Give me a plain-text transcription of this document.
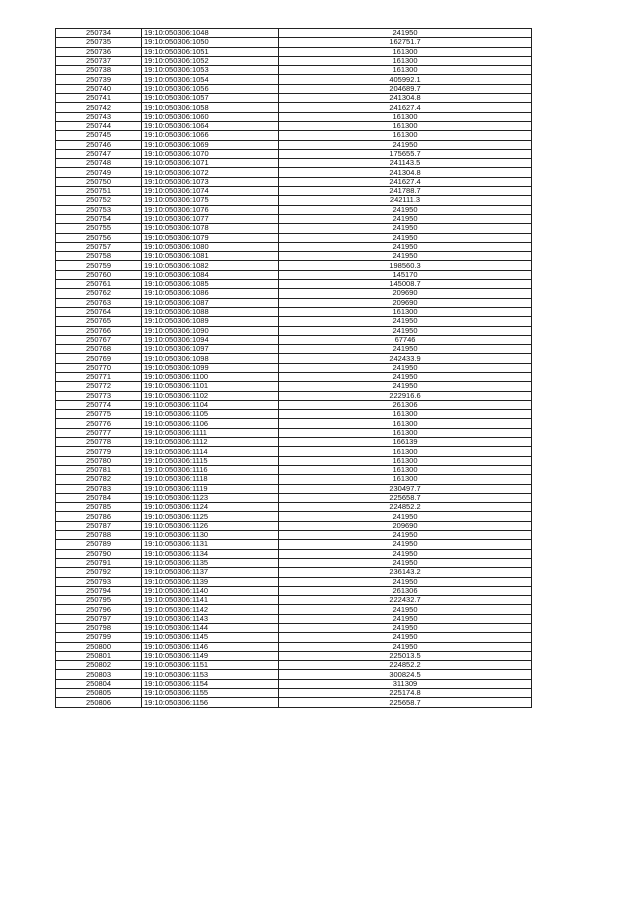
250734	19:10:050306:1048	241950
250735	19:10:050306:1050	162751.7
250736	19:10:050306:1051	161300
250737	19:10:050306:1052	161300
250738	19:10:050306:1053	161300
250739	19:10:050306:1054	405992.1
250740	19:10:050306:1056	204689.7
250741	19:10:050306:1057	241304.8
250742	19:10:050306:1058	241627.4
250743	19:10:050306:1060	161300
250744	19:10:050306:1064	161300
250745	19:10:050306:1066	161300
250746	19:10:050306:1069	241950
250747	19:10:050306:1070	175655.7
250748	19:10:050306:1071	241143.5
250749	19:10:050306:1072	241304.8
250750	19:10:050306:1073	241627.4
250751	19:10:050306:1074	241788.7
250752	19:10:050306:1075	242111.3
250753	19:10:050306:1076	241950
250754	19:10:050306:1077	241950
250755	19:10:050306:1078	241950
250756	19:10:050306:1079	241950
250757	19:10:050306:1080	241950
250758	19:10:050306:1081	241950
250759	19:10:050306:1082	198560.3
250760	19:10:050306:1084	145170
250761	19:10:050306:1085	145008.7
250762	19:10:050306:1086	209690
250763	19:10:050306:1087	209690
250764	19:10:050306:1088	161300
250765	19:10:050306:1089	241950
250766	19:10:050306:1090	241950
250767	19:10:050306:1094	67746
250768	19:10:050306:1097	241950
250769	19:10:050306:1098	242433.9
250770	19:10:050306:1099	241950
250771	19:10:050306:1100	241950
250772	19:10:050306:1101	241950
250773	19:10:050306:1102	222916.6
250774	19:10:050306:1104	261306
250775	19:10:050306:1105	161300
250776	19:10:050306:1106	161300
250777	19:10:050306:1111	161300
250778	19:10:050306:1112	166139
250779	19:10:050306:1114	161300
250780	19:10:050306:1115	161300
250781	19:10:050306:1116	161300
250782	19:10:050306:1118	161300
250783	19:10:050306:1119	230497.7
250784	19:10:050306:1123	225658.7
250785	19:10:050306:1124	224852.2
250786	19:10:050306:1125	241950
250787	19:10:050306:1126	209690
250788	19:10:050306:1130	241950
250789	19:10:050306:1131	241950
250790	19:10:050306:1134	241950
250791	19:10:050306:1135	241950
250792	19:10:050306:1137	236143.2
250793	19:10:050306:1139	241950
250794	19:10:050306:1140	261306
250795	19:10:050306:1141	222432.7
250796	19:10:050306:1142	241950
250797	19:10:050306:1143	241950
250798	19:10:050306:1144	241950
250799	19:10:050306:1145	241950
250800	19:10:050306:1146	241950
250801	19:10:050306:1149	225013.5
250802	19:10:050306:1151	224852.2
250803	19:10:050306:1153	300824.5
250804	19:10:050306:1154	311309
250805	19:10:050306:1155	225174.8
250806	19:10:050306:1156	225658.7
